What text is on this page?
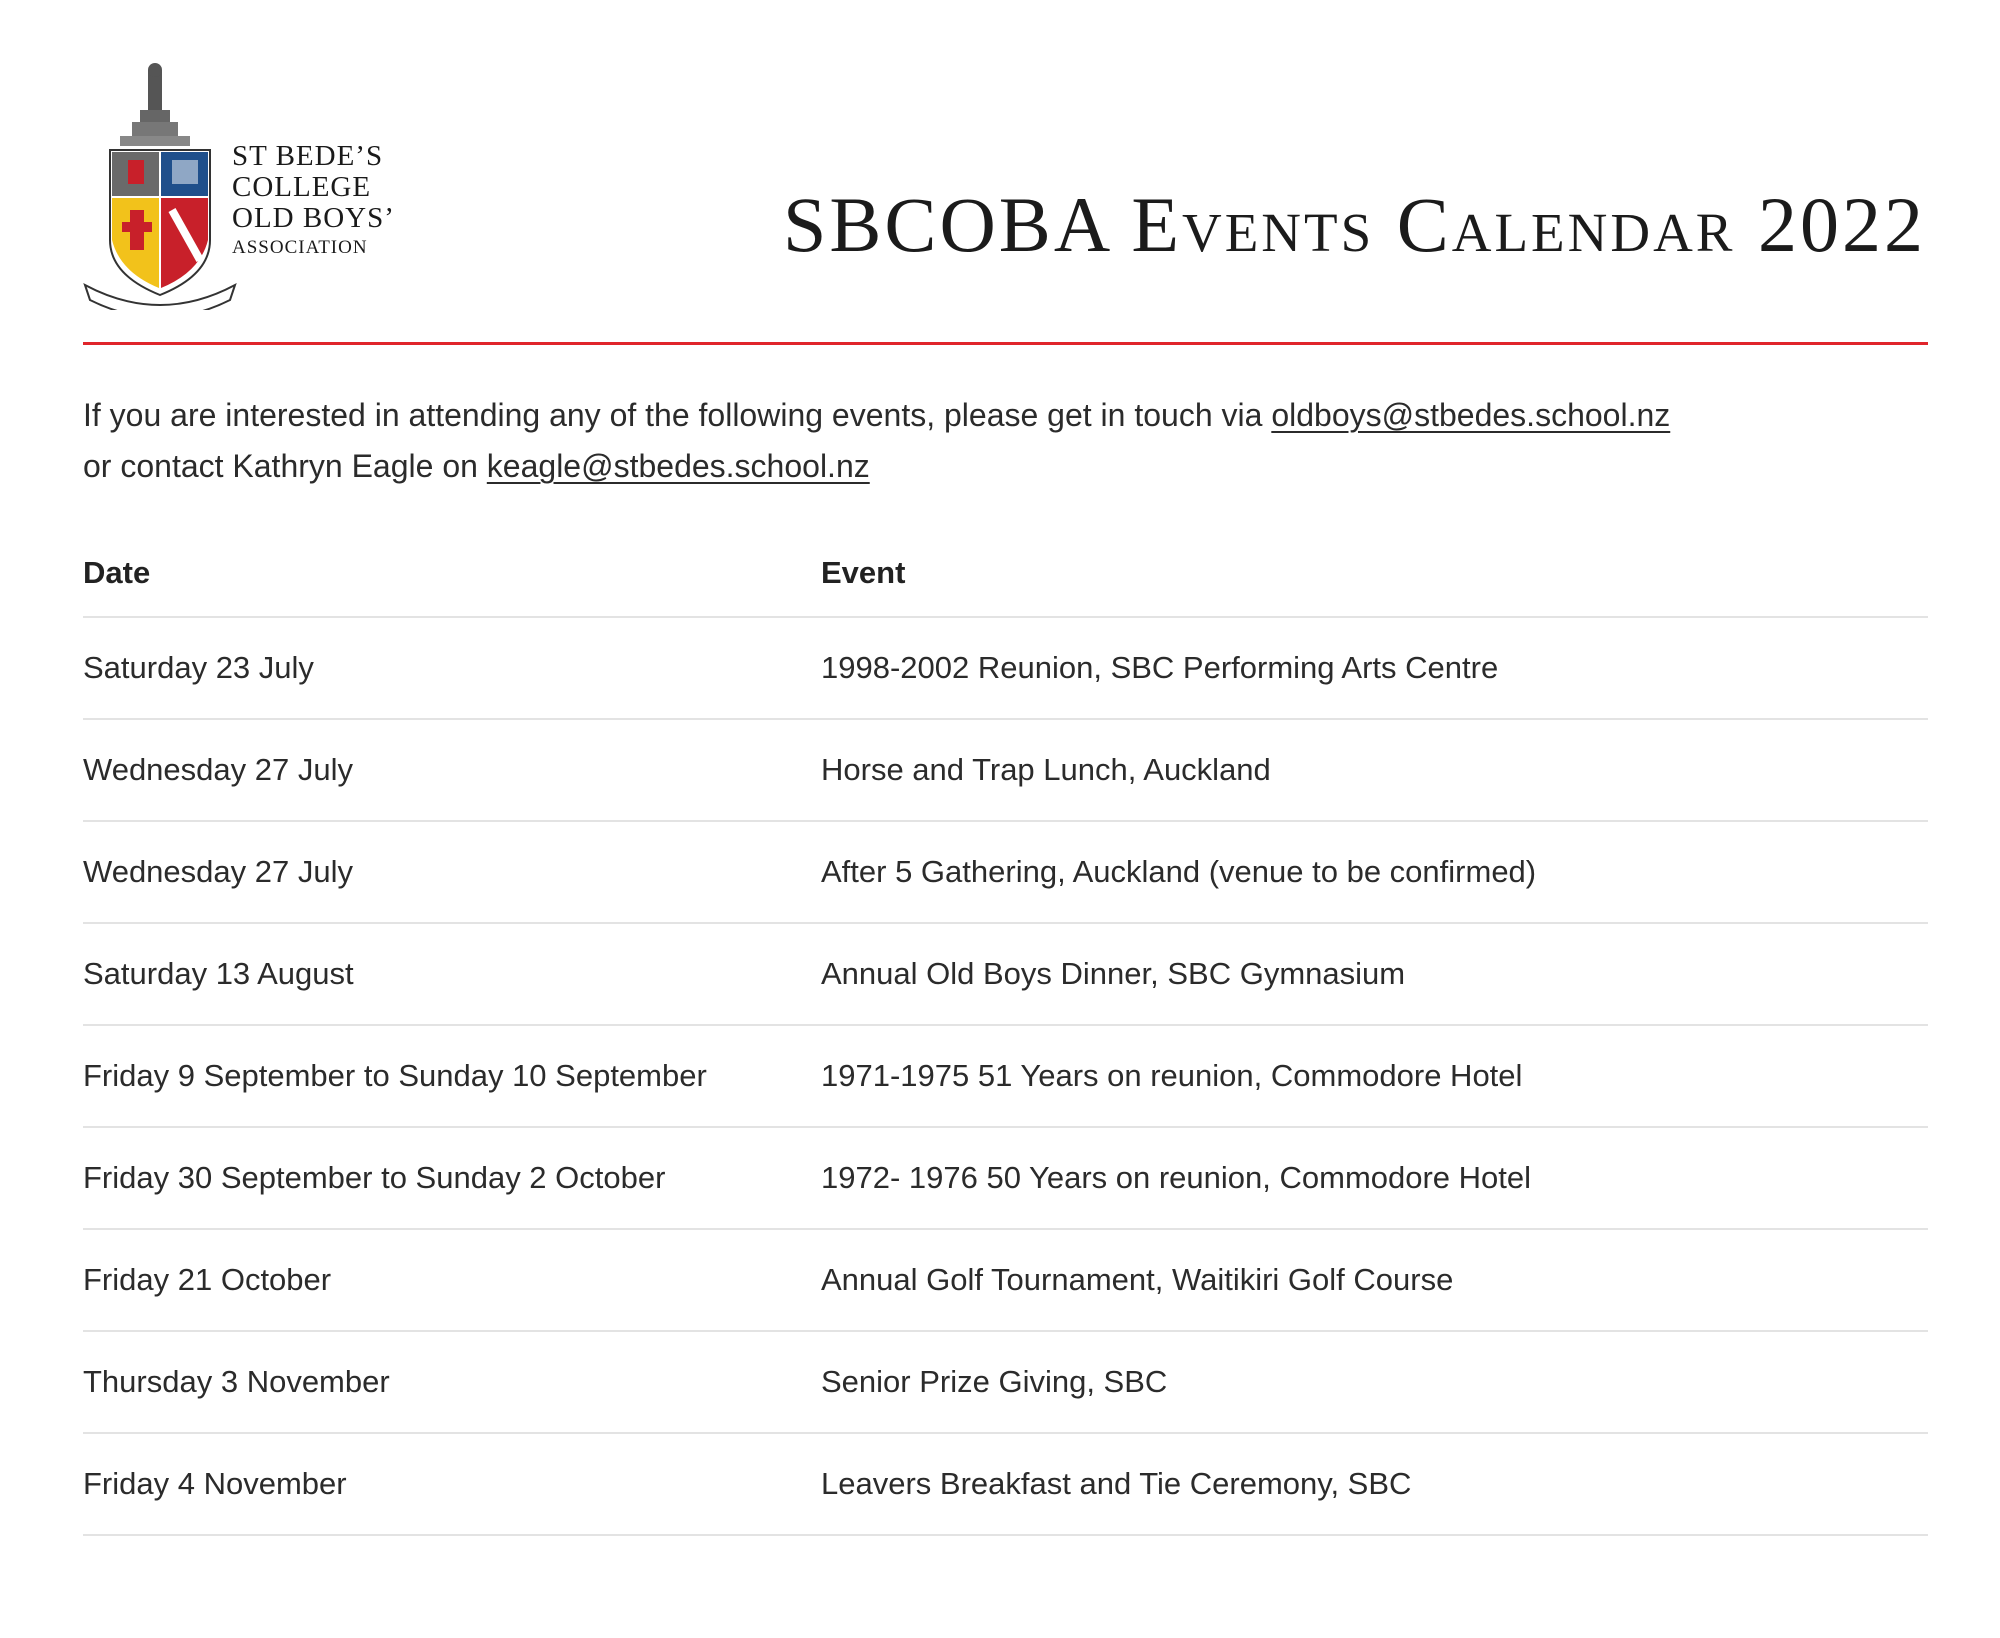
ST BEDE’S
COLLEGE
OLD BOYS’
ASSOCIATION	SBCOBA Events Calendar 2022
If you are interested in attending any of the following events, please get in touch via oldboys@stbedes.school.nz
or contact Kathryn Eagle on keagle@stbedes.school.nz
Date	Event
Saturday 23 July	1998-2002 Reunion, SBC Performing Arts Centre
Wednesday 27 July	Horse and Trap Lunch, Auckland
Wednesday 27 July	After 5 Gathering, Auckland (venue to be confirmed)
Saturday 13 August	Annual Old Boys Dinner, SBC Gymnasium
Friday 9 September to Sunday 10 September	1971-1975 51 Years on reunion, Commodore Hotel
Friday 30 September to Sunday 2 October	1972- 1976 50 Years on reunion, Commodore Hotel
Friday 21 October	Annual Golf Tournament, Waitikiri Golf Course
Thursday 3 November	Senior Prize Giving, SBC
Friday 4 November	Leavers Breakfast and Tie Ceremony, SBC
